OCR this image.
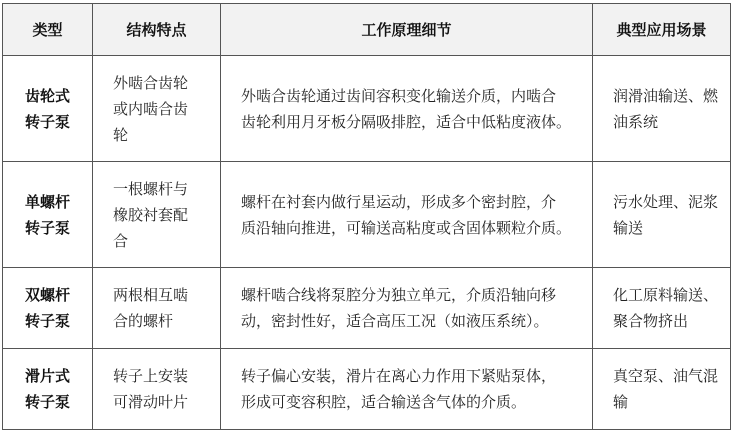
类型	结构特点	工作原理细节	典型应用场景

齿轮式
转子泵	外啮合齿轮
或内啮合齿
轮	外啮合齿轮通过齿间容积变化输送介质，内啮合
齿轮利用月牙板分隔吸排腔，适合中低粘度液体。	润滑油输送、燃
油系统

单螺杆
转子泵	一根螺杆与
橡胶衬套配
合	螺杆在衬套内做行星运动，形成多个密封腔，介
质沿轴向推进，可输送高粘度或含固体颗粒介质。	污水处理、泥浆
输送

双螺杆
转子泵	两根相互啮
合的螺杆	螺杆啮合线将泵腔分为独立单元，介质沿轴向移
动，密封性好，适合高压工况（如液压系统）。	化工原料输送、
聚合物挤出

滑片式
转子泵	转子上安装
可滑动叶片	转子偏心安装，滑片在离心力作用下紧贴泵体，
形成可变容积腔，适合输送含气体的介质。	真空泵、油气混
输
